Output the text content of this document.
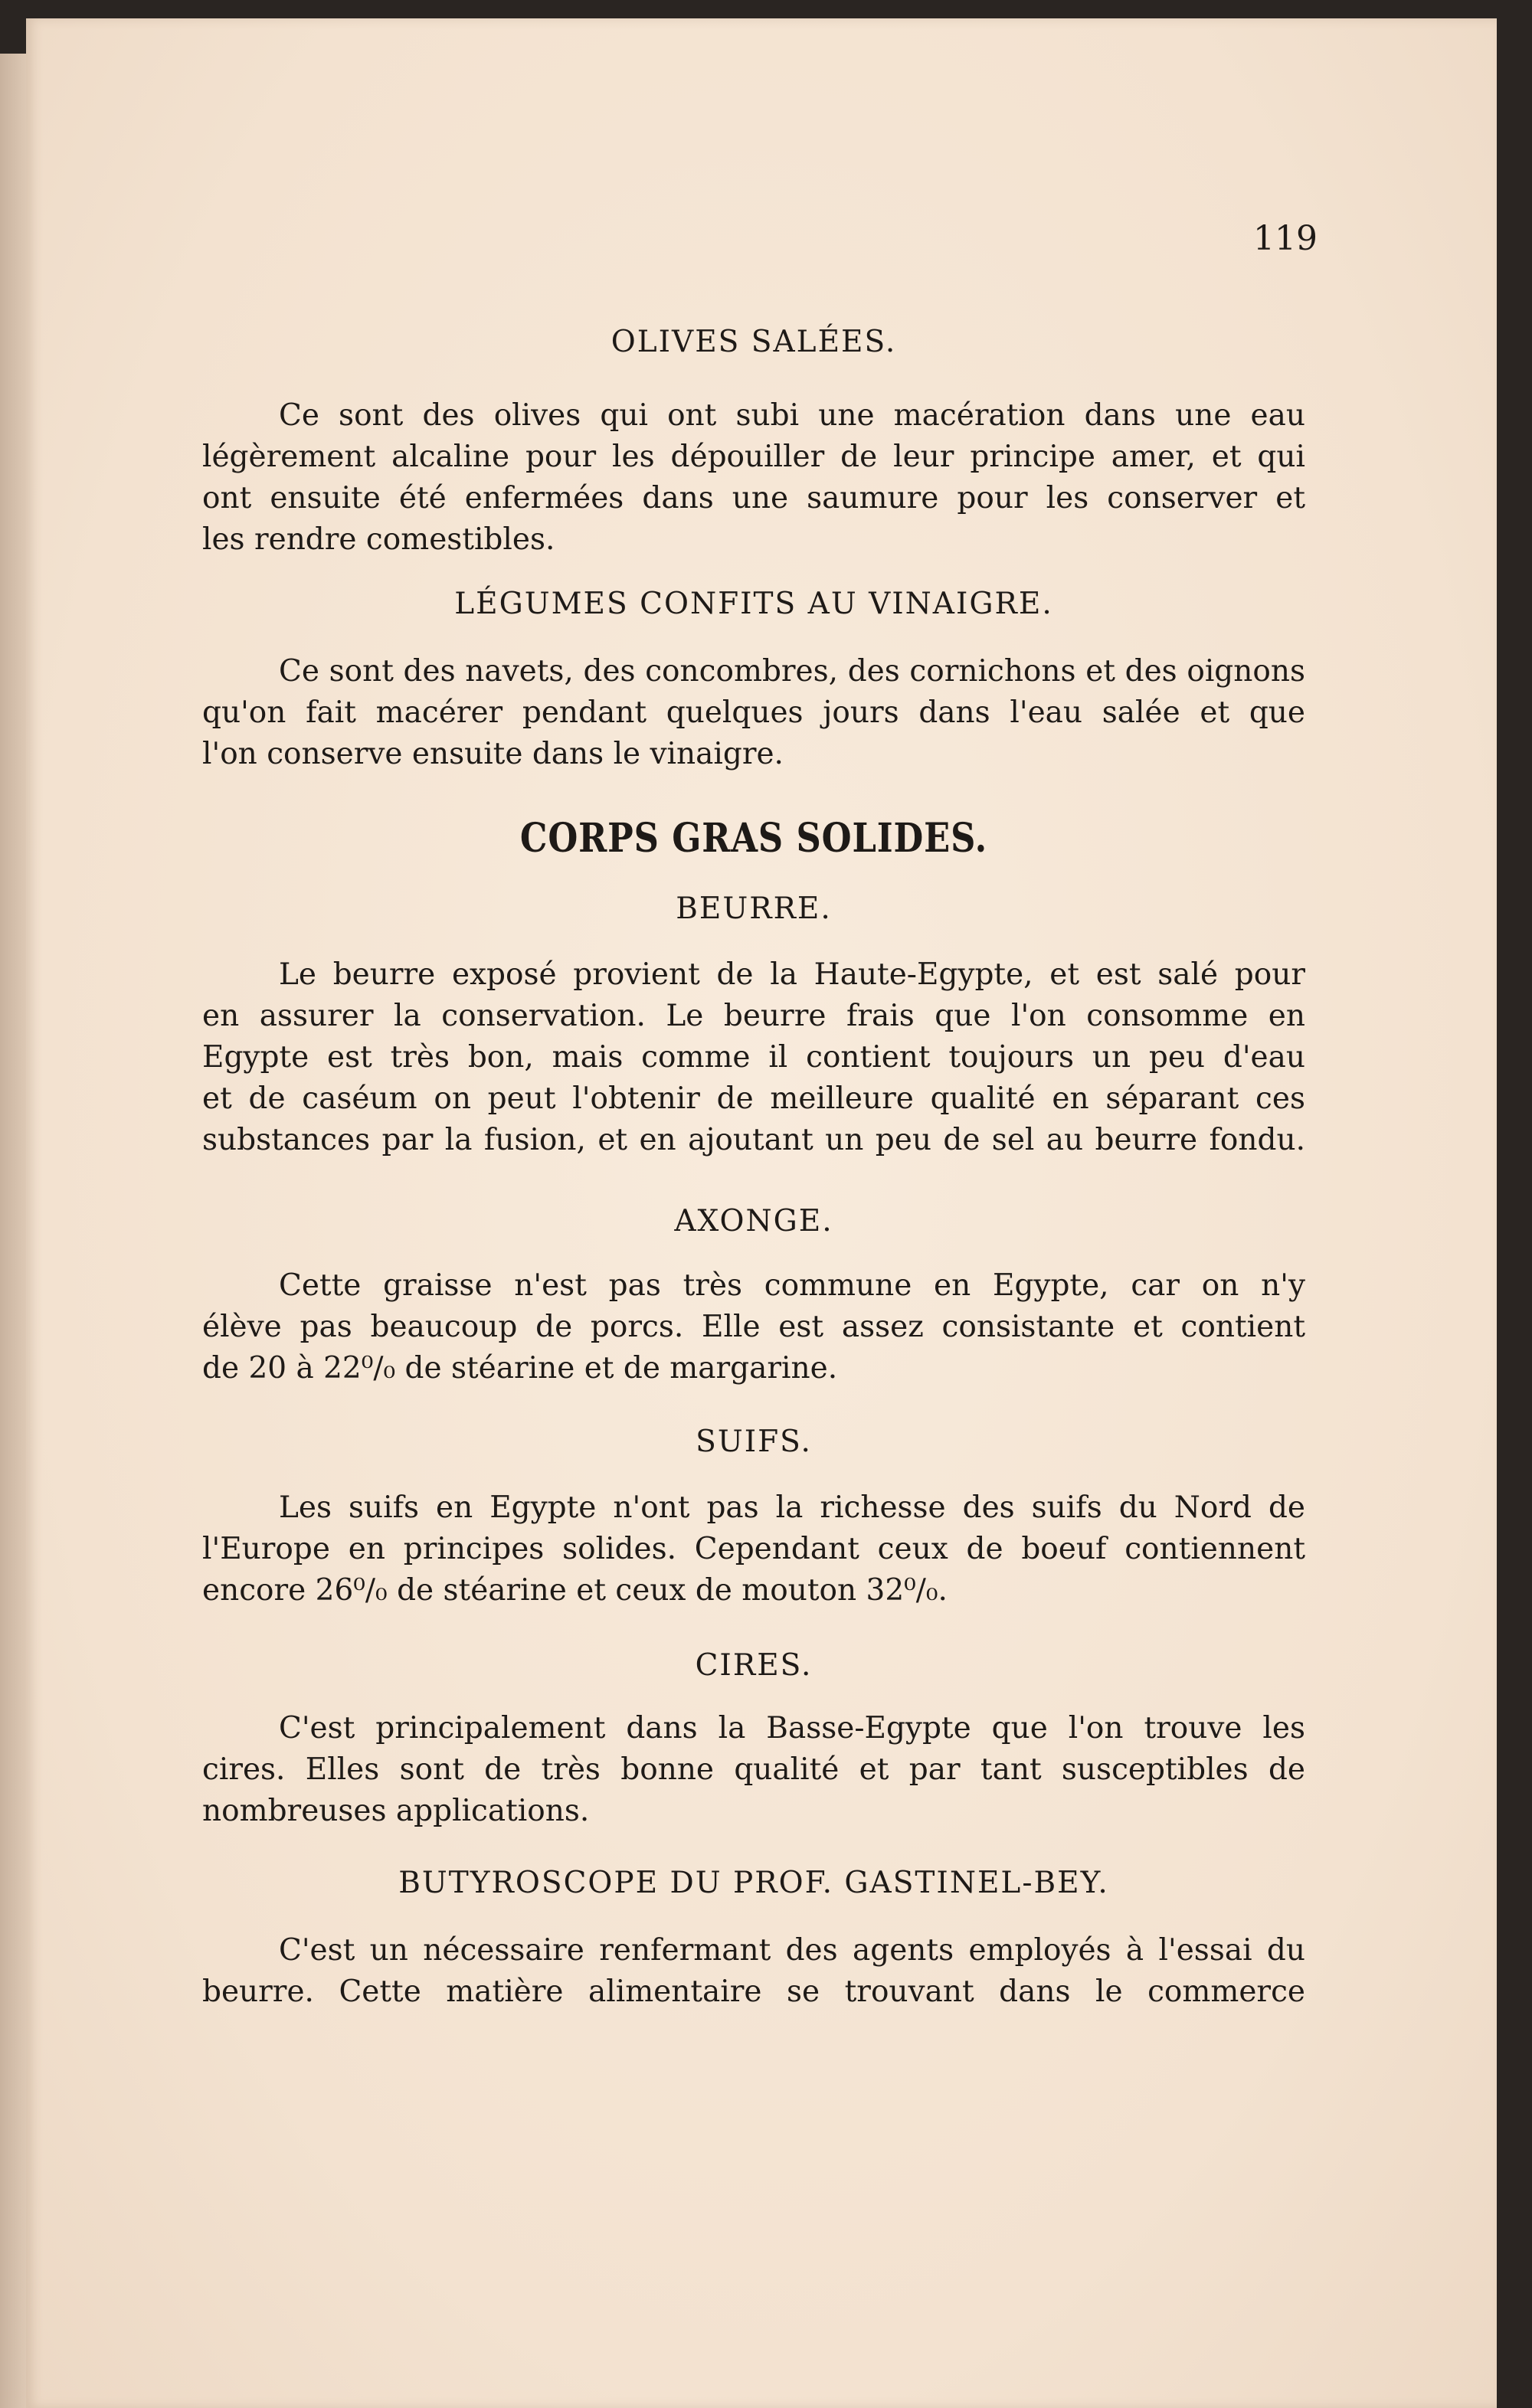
119
OLIVES SALÉES.
Ce sont des olives qui ont subi une macération dans une eau
légèrement alcaline pour les dépouiller de leur principe amer, et qui
ont ensuite été enfermées dans une saumure pour les conserver et
les rendre comestibles.
LÉGUMES CONFITS AU VINAIGRE.
Ce sont des navets, des concombres, des cornichons et des oignons
qu'on fait macérer pendant quelques jours dans l'eau salée et que
l'on conserve ensuite dans le vinaigre.
CORPS GRAS SOLIDES.
BEURRE.
Le beurre exposé provient de la Haute-Egypte, et est salé pour
en assurer la conservation. Le beurre frais que l'on consomme en
Egypte est très bon, mais comme il contient toujours un peu d'eau
et de caséum on peut l'obtenir de meilleure qualité en séparant ces
substances par la fusion, et en ajoutant un peu de sel au beurre fondu.
AXONGE.
Cette graisse n'est pas très commune en Egypte, car on n'y
élève pas beaucoup de porcs. Elle est assez consistante et contient
de 20 à 22⁰/₀ de stéarine et de margarine.
SUIFS.
Les suifs en Egypte n'ont pas la richesse des suifs du Nord de
l'Europe en principes solides. Cependant ceux de boeuf contiennent
encore 26⁰/₀ de stéarine et ceux de mouton 32⁰/₀.
CIRES.
C'est principalement dans la Basse-Egypte que l'on trouve les
cires. Elles sont de très bonne qualité et par tant susceptibles de
nombreuses applications.
BUTYROSCOPE DU PROF. GASTINEL-BEY.
C'est un nécessaire renfermant des agents employés à l'essai du
beurre. Cette matière alimentaire se trouvant dans le commerce
